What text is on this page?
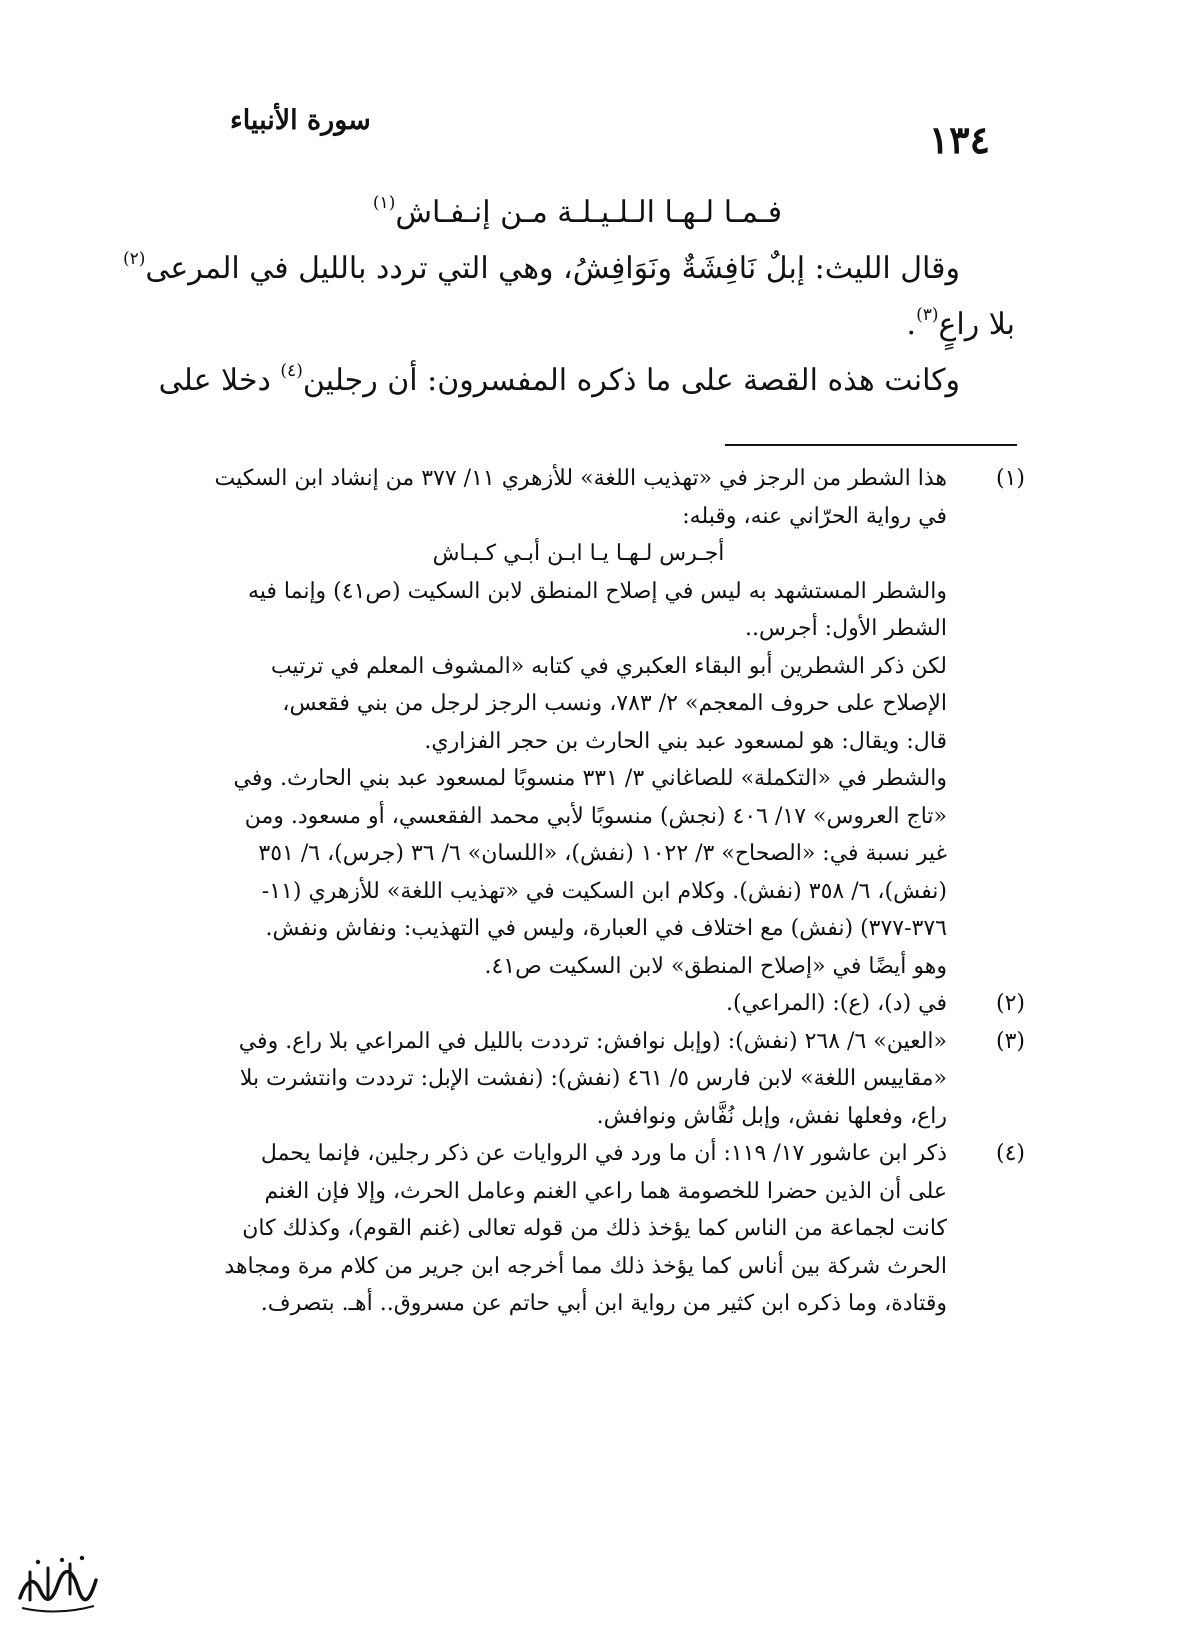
١٣٤
سورة الأنبياء
فـمـا لـهـا الـلـيـلـة مـن إنـفـاش$^{(١)}$
وقال الليث: إبلٌ نَافِشَةٌ ونَوَافِشُ، وهي التي تردد بالليل في المرعى$^{(٢)}$
بلا راعٍ$^{(٣)}$.
وكانت هذه القصة على ما ذكره المفسرون: أن رجلين$^{(٤)}$ دخلا على
(١)
هذا الشطر من الرجز في «تهذيب اللغة» للأزهري ١١/ ٣٧٧ من إنشاد ابن السكيت
في رواية الحرّاني عنه، وقبله:
أجـرس لـهـا يـا ابـن أبـي كـبـاش
والشطر المستشهد به ليس في إصلاح المنطق لابن السكيت (ص٤١) وإنما فيه
الشطر الأول: أجرس..
لكن ذكر الشطرين أبو البقاء العكبري في كتابه «المشوف المعلم في ترتيب
الإصلاح على حروف المعجم» ٢/ ٧٨٣، ونسب الرجز لرجل من بني فقعس،
قال: ويقال: هو لمسعود عبد بني الحارث بن حجر الفزاري.
والشطر في «التكملة» للصاغاني ٣/ ٣٣١ منسوبًا لمسعود عبد بني الحارث. وفي
«تاج العروس» ١٧/ ٤٠٦ (نجش) منسوبًا لأبي محمد الفقعسي، أو مسعود. ومن
غير نسبة في: «الصحاح» ٣/ ١٠٢٢ (نفش)، «اللسان» ٦/ ٣٦ (جرس)، ٦/ ٣٥١
(نفش)، ٦/ ٣٥٨ (نفش). وكلام ابن السكيت في «تهذيب اللغة» للأزهري (١١-
٣٧٦-٣٧٧) (نفش) مع اختلاف في العبارة، وليس في التهذيب: ونفاش ونفش.
وهو أيضًا في «إصلاح المنطق» لابن السكيت ص٤١.
(٢)
في (د)، (ع): (المراعي).
(٣)
«العين» ٦/ ٢٦٨ (نفش): (وإبل نوافش: ترددت بالليل في المراعي بلا راع. وفي
«مقاييس اللغة» لابن فارس ٥/ ٤٦١ (نفش): (نفشت الإبل: ترددت وانتشرت بلا
راع، وفعلها نفش، وإبل نُفَّاش ونوافش.
(٤)
ذكر ابن عاشور ١٧/ ١١٩: أن ما ورد في الروايات عن ذكر رجلين، فإنما يحمل
على أن الذين حضرا للخصومة هما راعي الغنم وعامل الحرث، وإلا فإن الغنم
كانت لجماعة من الناس كما يؤخذ ذلك من قوله تعالى (غنم القوم)، وكذلك كان
الحرث شركة بين أناس كما يؤخذ ذلك مما أخرجه ابن جرير من كلام مرة ومجاهد
وقتادة، وما ذكره ابن كثير من رواية ابن أبي حاتم عن مسروق.. أهـ. بتصرف.
